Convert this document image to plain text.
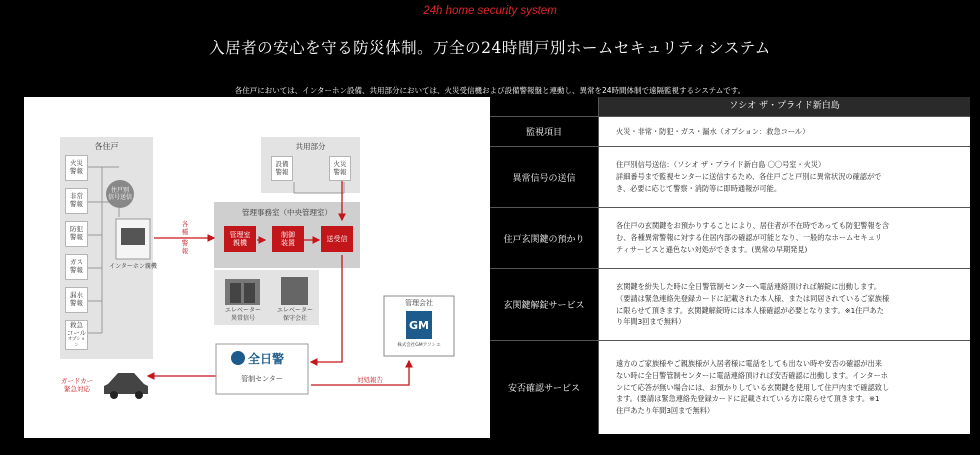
24h home security system
入居者の安心を守る防災体制。万全の24時間戸別ホームセキュリティシステム
各住戸においては、インターホン設備、共用部分においては、火災受信機および設備警報盤と連動し、異常を24時間体制で遠隔監視するシステムです。
各住戸
火災
警報
非常
警報
防犯
警報
ガス
警報
漏水
警報
救急
コール
オプション
住戸別
信号送信
インターホン親機
共用部分
設備
警報
火災
警報
各
種
警
報
管理事務室（中央管理室）
管理室
親機
制御
装置
送受信
エレベーター
異常信号
エレベーター
保守会社
管理会社
GM
株式会社GMアソシエ
全日警
管制センター
ガードカー
緊急対応
対処報告
ソシオ ザ・プライド新白島
監視項目	火災・非常・防犯・ガス・漏水（オプション：救急コール）
異常信号の送信
住戸別信号送信：（ソシオ ザ・プライド新白島 〇〇号室・火災）
詳細番号まで監視センターに送信するため、各住戸ごと戸別に異常状況の確認がで
き、必要に応じて警察・消防等に即時通報が可能。
住戸玄関鍵の預かり
各住戸の玄関鍵をお預かりすることにより、居住者が不在時であっても防犯警報を含
む、各種異常警報に対する住居内部の確認が可能となり、一般的なホームセキュリ
ティサービスと遜色ない対処ができます。(異常の早期発見)
玄関鍵解錠サービス
玄関鍵を紛失した時に全日警管制センターへ電話連絡頂ければ解錠に出動します。
（要請は緊急連絡先登録カードに記載された本人様、または同居されているご家族様
に限らせて頂きます。玄関鍵解錠時には本人様確認が必要となります。※1住戸あた
り年間3回まで無料）
安否確認サービス
遠方のご家族様やご親族様が入居者様に電話をしても出ない時や安否の確認が出来
ない時に全日警管制センターに電話連絡頂ければ安否確認に出動します。インターホ
ンにて応答が無い場合には、お預かりしている玄関鍵を使用して住戸内まで確認致し
ます。(要請は緊急連絡先登録カードに記載されている方に限らせて頂きます。※1
住戸あたり年間3回まで無料）
